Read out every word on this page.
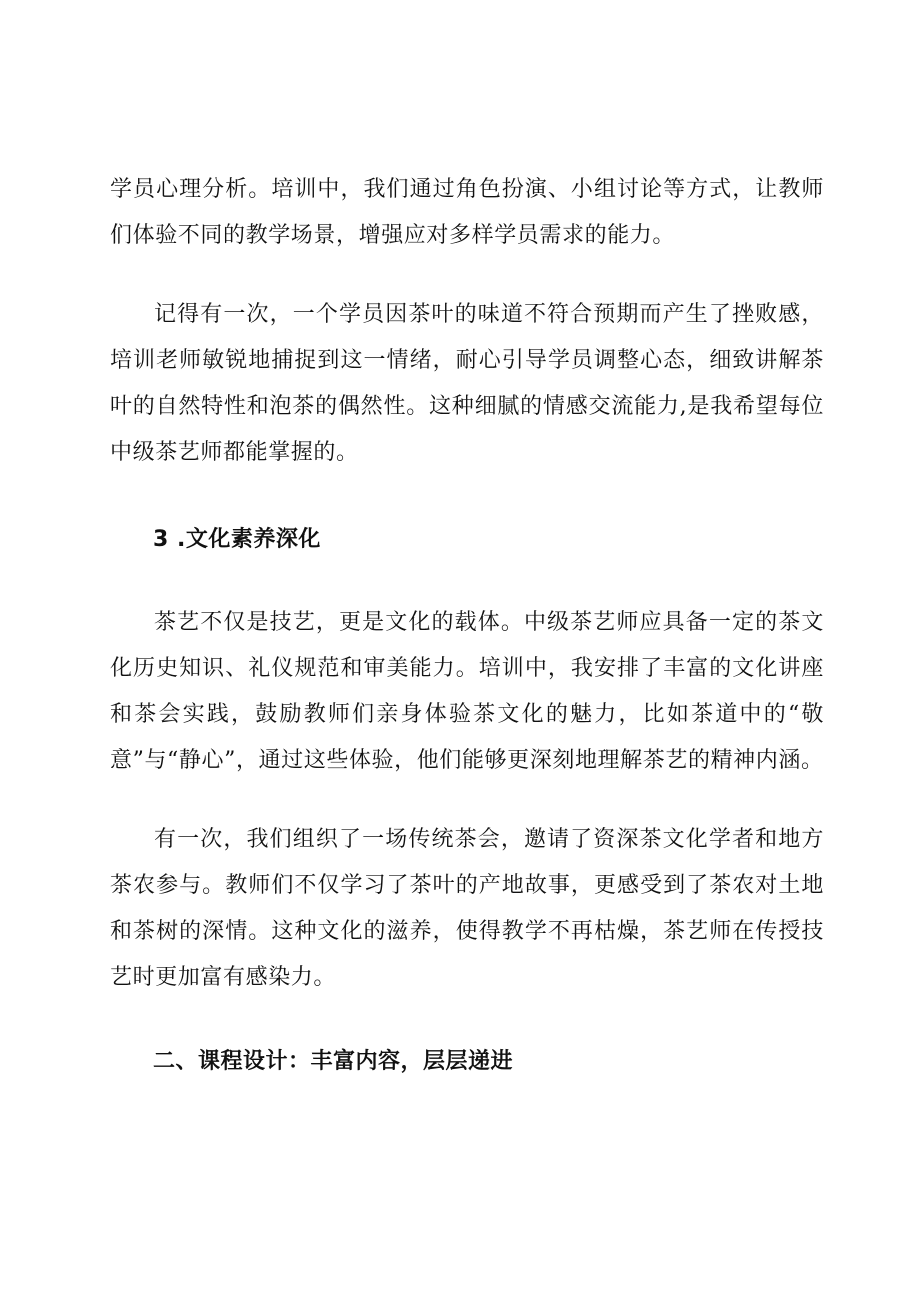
学员心理分析。培训中，我们通过角色扮演、小组讨论等方式，让教师们体验不同的教学场景，增强应对多样学员需求的能力。

记得有一次，一个学员因茶叶的味道不符合预期而产生了挫败感，培训老师敏锐地捕捉到这一情绪，耐心引导学员调整心态，细致讲解茶叶的自然特性和泡茶的偶然性。这种细腻的情感交流能力,是我希望每位中级茶艺师都能掌握的。

3 .文化素养深化

茶艺不仅是技艺，更是文化的载体。中级茶艺师应具备一定的茶文化历史知识、礼仪规范和审美能力。培训中，我安排了丰富的文化讲座和茶会实践，鼓励教师们亲身体验茶文化的魅力，比如茶道中的“敬意”与“静心”，通过这些体验，他们能够更深刻地理解茶艺的精神内涵。

有一次，我们组织了一场传统茶会，邀请了资深茶文化学者和地方茶农参与。教师们不仅学习了茶叶的产地故事，更感受到了茶农对土地和茶树的深情。这种文化的滋养，使得教学不再枯燥，茶艺师在传授技艺时更加富有感染力。

二、课程设计：丰富内容，层层递进
